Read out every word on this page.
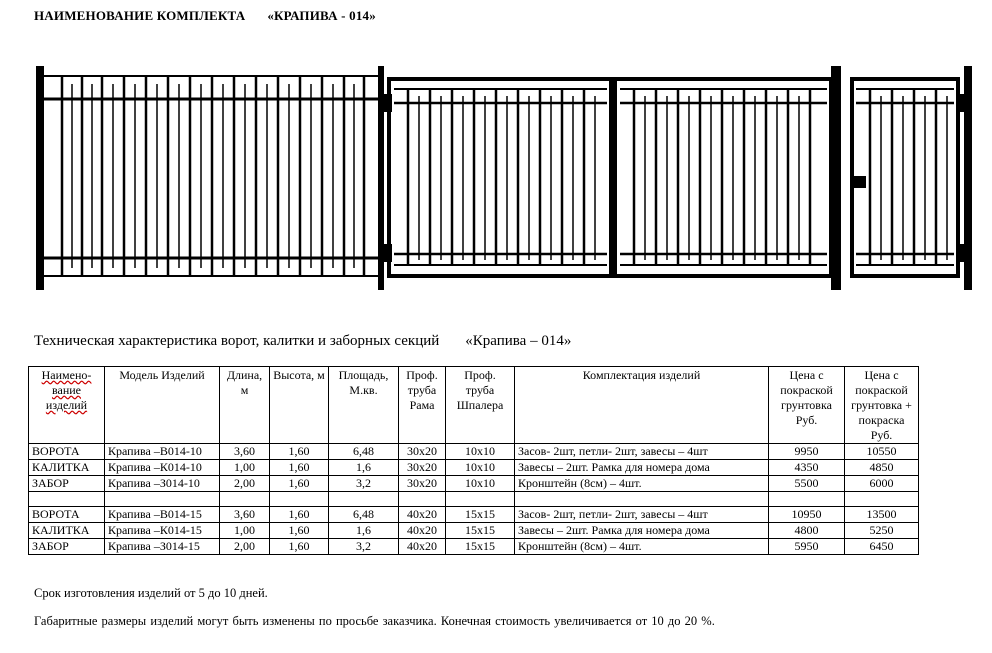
НАИМЕНОВАНИЕ КОМПЛЕКТА «КРАПИВА - 014»
Техническая характеристика ворот, калитки и заборных секций «Крапива – 014»
Наимено-вание изделий	Модель Изделий	Длина, м	Высота, м	Площадь, М.кв.	Проф. труба Рама	Проф. труба Шпалера	Комплектация изделий	Цена с покраской грунтовка Руб.	Цена с покраской грунтовка + покраска Руб.
ВОРОТА	Крапива –В014-10	3,60	1,60	6,48	30х20	10х10	Засов- 2шт, петли- 2шт, завесы – 4шт	9950	10550
КАЛИТКА	Крапива –К014-10	1,00	1,60	1,6	30х20	10х10	Завесы – 2шт. Рамка для номера дома	4350	4850
ЗАБОР	Крапива –З014-10	2,00	1,60	3,2	30х20	10х10	Кронштейн (8см) – 4шт.	5500	6000

ВОРОТА	Крапива –В014-15	3,60	1,60	6,48	40х20	15х15	Засов- 2шт, петли- 2шт, завесы – 4шт	10950	13500
КАЛИТКА	Крапива –К014-15	1,00	1,60	1,6	40х20	15х15	Завесы – 2шт. Рамка для номера дома	4800	5250
ЗАБОР	Крапива –З014-15	2,00	1,60	3,2	40х20	15х15	Кронштейн (8см) – 4шт.	5950	6450
Срок изготовления изделий от 5 до 10 дней.
Габаритные размеры изделий могут быть изменены по просьбе заказчика. Конечная стоимость увеличивается от 10 до 20 %.
